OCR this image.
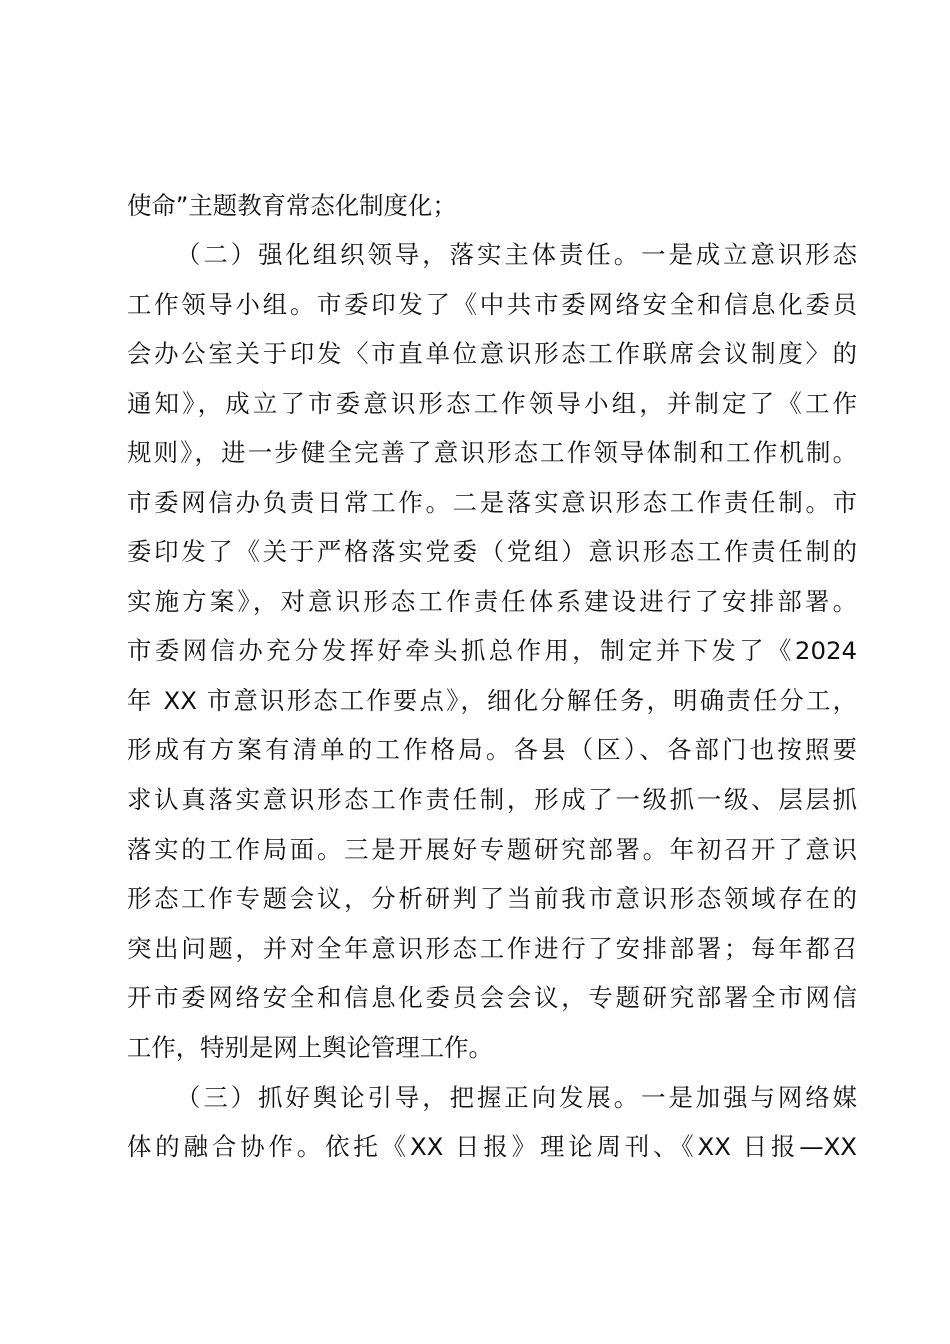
使命”主题教育常态化制度化；
（二）强化组织领导，落实主体责任。一是成立意识形态
工作领导小组。市委印发了《中共市委网络安全和信息化委员
会办公室关于印发〈市直单位意识形态工作联席会议制度〉的
通知》，成立了市委意识形态工作领导小组，并制定了《工作
规则》，进一步健全完善了意识形态工作领导体制和工作机制。
市委网信办负责日常工作。二是落实意识形态工作责任制。市
委印发了《关于严格落实党委（党组）意识形态工作责任制的
实施方案》，对意识形态工作责任体系建设进行了安排部署。
市委网信办充分发挥好牵头抓总作用，制定并下发了《2024
年 XX 市意识形态工作要点》，细化分解任务，明确责任分工，
形成有方案有清单的工作格局。各县（区）、各部门也按照要
求认真落实意识形态工作责任制，形成了一级抓一级、层层抓
落实的工作局面。三是开展好专题研究部署。年初召开了意识
形态工作专题会议，分析研判了当前我市意识形态领域存在的
突出问题，并对全年意识形态工作进行了安排部署；每年都召
开市委网络安全和信息化委员会会议，专题研究部署全市网信
工作，特别是网上舆论管理工作。
（三）抓好舆论引导，把握正向发展。一是加强与网络媒
体的融合协作。依托《XX 日报》理论周刊、《XX 日报—XX
